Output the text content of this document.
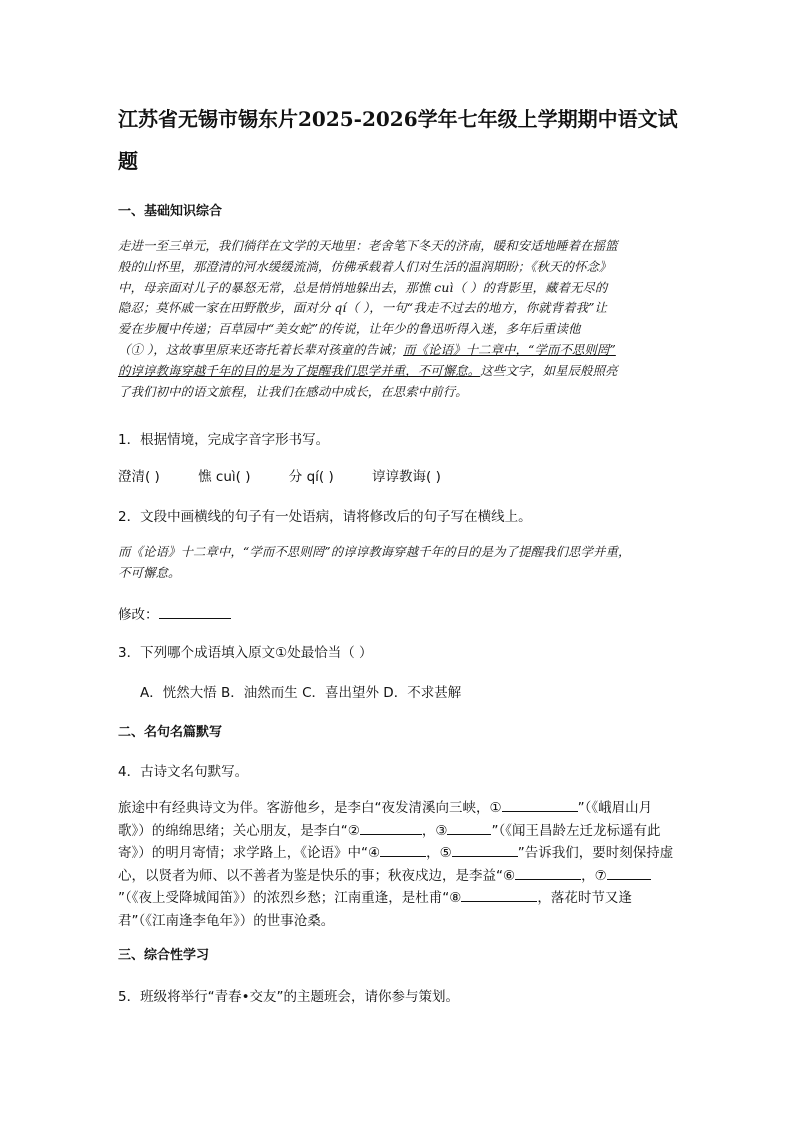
江苏省无锡市锡东片2025-2026学年七年级上学期期中语文试
题

一、基础知识综合

走进一至三单元，我们徜徉在文学的天地里：老舍笔下冬天的济南，暖和安适地睡着在摇篮
般的山怀里，那澄清的河水缓缓流淌，仿佛承载着人们对生活的温润期盼；《秋天的怀念》
中，母亲面对儿子的暴怒无常，总是悄悄地躲出去，那憔 cuì（ ）的背影里，藏着无尽的
隐忍；莫怀戚一家在田野散步，面对分 qí（ ），一句“我走不过去的地方，你就背着我”让
爱在步履中传递；百草园中“美女蛇”的传说，让年少的鲁迅听得入迷，多年后重读他
（① ），这故事里原来还寄托着长辈对孩童的告诫；而《论语》十二章中，“学而不思则罔”
的谆谆教诲穿越千年的目的是为了提醒我们思学并重，不可懈怠。这些文字，如星辰般照亮
了我们初中的语文旅程，让我们在感动中成长，在思索中前行。

1．根据情境，完成字音字形书写。

澄清( )	憔 cuì( )	分 qí( )	谆谆教诲( )

2．文段中画横线的句子有一处语病，请将修改后的句子写在横线上。

而《论语》十二章中，“学而不思则罔”的谆谆教诲穿越千年的目的是为了提醒我们思学并重，
不可懈怠。

修改：

3．下列哪个成语填入原文①处最恰当（ ）

A．恍然大悟 B．油然而生 C．喜出望外 D．不求甚解

二、名句名篇默写

4．古诗文名句默写。

旅途中有经典诗文为伴。客游他乡，是李白“夜发清溪向三峡，①	”（《峨眉山月歌》）的绵绵思绪；关心朋友，是李白“②	，③	”（《闻王昌龄左迁龙标遥有此寄》）的明月寄情；求学路上，《论语》中“④	，⑤	”告诉我们，要时刻保持虚心，以贤者为师、以不善者为鉴是快乐的事；秋夜戍边，是李益“⑥	，⑦”（《夜上受降城闻笛》）的浓烈乡愁；江南重逢，是杜甫“⑧	，落花时节又逢君”（《江南逢李龟年》）的世事沧桑。

三、综合性学习

5．班级将举行“青春•交友”的主题班会，请你参与策划。
